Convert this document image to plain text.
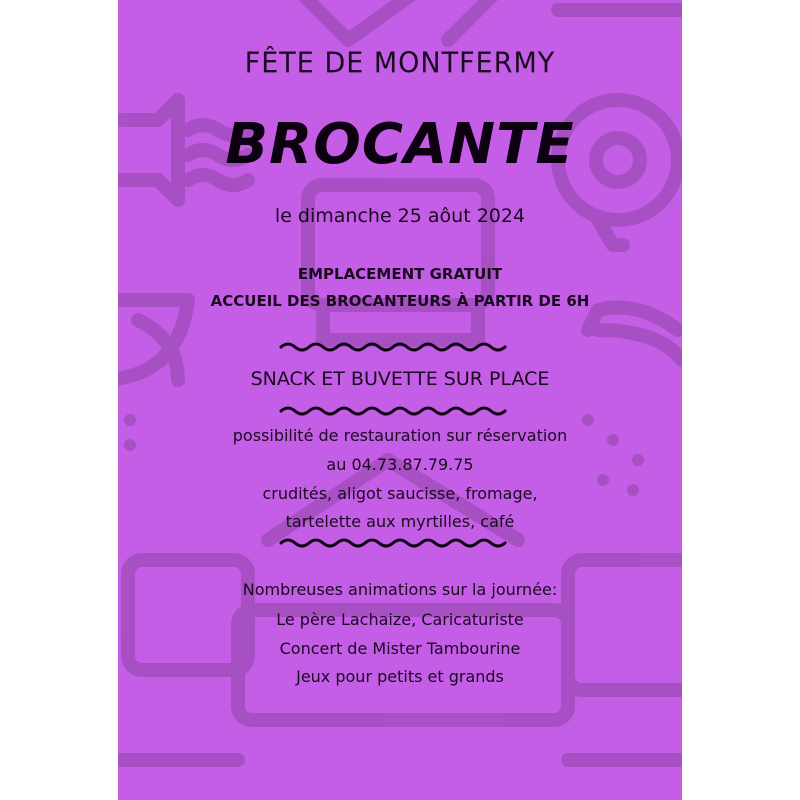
FÊTE DE MONTFERMY
BROCANTE
le dimanche 25 aôut 2024
EMPLACEMENT GRATUIT
ACCUEIL DES BROCANTEURS À PARTIR DE 6H
SNACK ET BUVETTE SUR PLACE
possibilité de restauration sur réservation
au 04.73.87.79.75
crudités, aligot saucisse, fromage,
tartelette aux myrtilles, café
Nombreuses animations sur la journée:
Le père Lachaize, Caricaturiste
Concert de Mister Tambourine
Jeux pour petits et grands
